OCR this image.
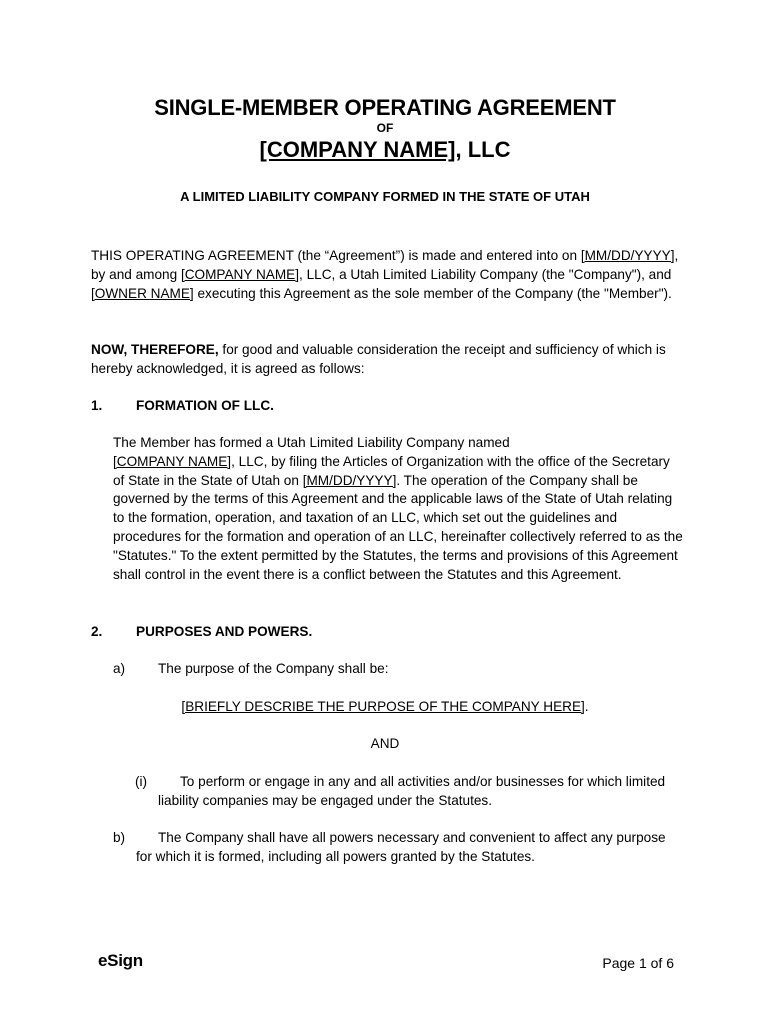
SINGLE-MEMBER OPERATING AGREEMENT
OF
[COMPANY NAME], LLC
A LIMITED LIABILITY COMPANY FORMED IN THE STATE OF UTAH
THIS OPERATING AGREEMENT (the “Agreement”) is made and entered into on [MM/DD/YYYY], by and among [COMPANY NAME], LLC, a Utah Limited Liability Company (the "Company"), and [OWNER NAME] executing this Agreement as the sole member of the Company (the "Member").
NOW, THEREFORE, for good and valuable consideration the receipt and sufficiency of which is hereby acknowledged, it is agreed as follows:
1. FORMATION OF LLC.
The Member has formed a Utah Limited Liability Company named
[COMPANY NAME], LLC, by filing the Articles of Organization with the office of the Secretary of State in the State of Utah on [MM/DD/YYYY]. The operation of the Company shall be governed by the terms of this Agreement and the applicable laws of the State of Utah relating to the formation, operation, and taxation of an LLC, which set out the guidelines and procedures for the formation and operation of an LLC, hereinafter collectively referred to as the "Statutes." To the extent permitted by the Statutes, the terms and provisions of this Agreement shall control in the event there is a conflict between the Statutes and this Agreement.
2. PURPOSES AND POWERS.
a) The purpose of the Company shall be:
[BRIEFLY DESCRIBE THE PURPOSE OF THE COMPANY HERE].
AND
(i) To perform or engage in any and all activities and/or businesses for which limited
liability companies may be engaged under the Statutes.
b) The Company shall have all powers necessary and convenient to affect any purpose
for which it is formed, including all powers granted by the Statutes.
eSign	Page 1 of 6
